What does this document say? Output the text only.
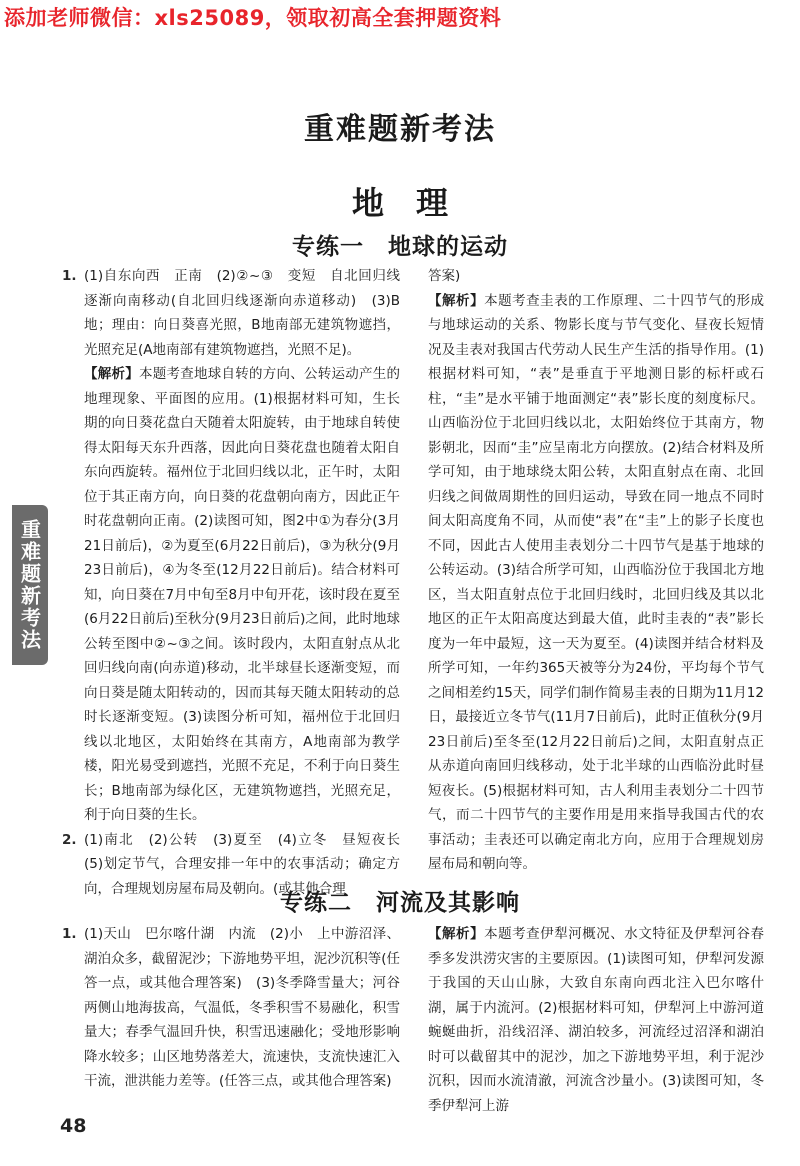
添加老师微信：xls25089，领取初高全套押题资料

重难题新考法
地　理
专练一　地球的运动
1. (1)自东向西　正南　(2)②~③　变短　自北回归线逐渐向南移动(自北回归线逐渐向赤道移动)　(3)B地；理由：向日葵喜光照，B地南部无建筑物遮挡，光照充足(A地南部有建筑物遮挡，光照不足)。

【解析】本题考查地球自转的方向、公转运动产生的地理现象、平面图的应用。(1)根据材料可知，生长期的向日葵花盘白天随着太阳旋转，由于地球自转使得太阳每天东升西落，因此向日葵花盘也随着太阳自东向西旋转。福州位于北回归线以北，正午时，太阳位于其正南方向，向日葵的花盘朝向南方，因此正午时花盘朝向正南。(2)读图可知，图2中①为春分(3月21日前后)，②为夏至(6月22日前后)，③为秋分(9月23日前后)，④为冬至(12月22日前后)。结合材料可知，向日葵在7月中旬至8月中旬开花，该时段在夏至(6月22日前后)至秋分(9月23日前后)之间，此时地球公转至图中②~③之间。该时段内，太阳直射点从北回归线向南(向赤道)移动，北半球昼长逐渐变短，而向日葵是随太阳转动的，因而其每天随太阳转动的总时长逐渐变短。(3)读图分析可知，福州位于北回归线以北地区，太阳始终在其南方，A地南部为教学楼，阳光易受到遮挡，光照不充足，不利于向日葵生长；B地南部为绿化区，无建筑物遮挡，光照充足，利于向日葵的生长。

2. (1)南北　(2)公转　(3)夏至　(4)立冬　昼短夜长　(5)划定节气，合理安排一年中的农事活动；确定方向，合理规划房屋布局及朝向。(或其他合理

答案)

【解析】本题考查圭表的工作原理、二十四节气的形成与地球运动的关系、物影长度与节气变化、昼夜长短情况及圭表对我国古代劳动人民生产生活的指导作用。(1)根据材料可知，“表”是垂直于平地测日影的标杆或石柱，“圭”是水平铺于地面测定“表”影长度的刻度标尺。山西临汾位于北回归线以北，太阳始终位于其南方，物影朝北，因而“圭”应呈南北方向摆放。(2)结合材料及所学可知，由于地球绕太阳公转，太阳直射点在南、北回归线之间做周期性的回归运动，导致在同一地点不同时间太阳高度角不同，从而使“表”在“圭”上的影子长度也不同，因此古人使用圭表划分二十四节气是基于地球的公转运动。(3)结合所学可知，山西临汾位于我国北方地区，当太阳直射点位于北回归线时，北回归线及其以北地区的正午太阳高度达到最大值，此时圭表的“表”影长度为一年中最短，这一天为夏至。(4)读图并结合材料及所学可知，一年约365天被等分为24份，平均每个节气之间相差约15天，同学们制作简易圭表的日期为11月12日，最接近立冬节气(11月7日前后)，此时正值秋分(9月23日前后)至冬至(12月22日前后)之间，太阳直射点正从赤道向南回归线移动，处于北半球的山西临汾此时昼短夜长。(5)根据材料可知，古人利用圭表划分二十四节气，而二十四节气的主要作用是用来指导我国古代的农事活动；圭表还可以确定南北方向，应用于合理规划房屋布局和朝向等。

专练二　河流及其影响
1. (1)天山　巴尔喀什湖　内流　(2)小　上中游沼泽、湖泊众多，截留泥沙；下游地势平坦，泥沙沉积等(任答一点，或其他合理答案)　(3)冬季降雪量大；河谷两侧山地海拔高，气温低，冬季积雪不易融化，积雪量大；春季气温回升快，积雪迅速融化；受地形影响降水较多；山区地势落差大，流速快，支流快速汇入干流，泄洪能力差等。(任答三点，或其他合理答案)

【解析】本题考查伊犁河概况、水文特征及伊犁河谷春季多发洪涝灾害的主要原因。(1)读图可知，伊犁河发源于我国的天山山脉，大致自东南向西北注入巴尔喀什湖，属于内流河。(2)根据材料可知，伊犁河上中游河道蜿蜒曲折，沿线沼泽、湖泊较多，河流经过沼泽和湖泊时可以截留其中的泥沙，加之下游地势平坦，利于泥沙沉积，因而水流清澈，河流含沙量小。(3)读图可知，冬季伊犁河上游

重难题新考法

48
